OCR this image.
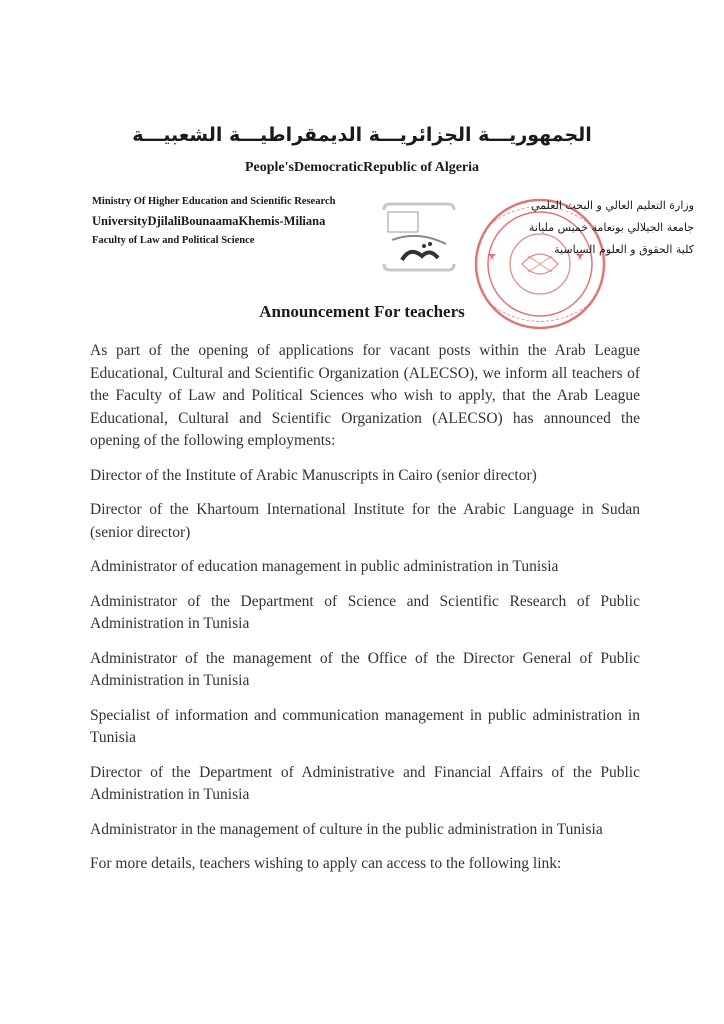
الجمهوريـــة الجزائريـــة الديمقراطيـــة الشعبيـــة
People'sDemocraticRepublic of Algeria
Ministry Of Higher Education and Scientific Research
UniversityDjilaliBounaamaKhemis-Miliana
Faculty of Law and Political Science
وزارة التعليم العالي و البحث العلمي
جامعة الجيلالي بونعامة خميس مليانة
كلية الحقوق و العلوم السياسية
Announcement For teachers

As part of the opening of applications for vacant posts within the Arab League Educational, Cultural and Scientific Organization (ALECSO), we inform all teachers of the Faculty of Law and Political Sciences who wish to apply, that the Arab League Educational, Cultural and Scientific Organization (ALECSO) has announced the opening of the following employments:

Director of the Institute of Arabic Manuscripts in Cairo (senior director)

Director of the Khartoum International Institute for the Arabic Language in Sudan (senior director)

Administrator of education management in public administration in Tunisia

Administrator of the Department of Science and Scientific Research of Public Administration in Tunisia

Administrator of the management of the Office of the Director General of Public Administration in Tunisia

Specialist of information and communication management in public administration in Tunisia

Director of the Department of Administrative and Financial Affairs of the Public Administration in Tunisia

Administrator in the management of culture in the public administration in Tunisia

For more details, teachers wishing to apply can access to the following link:
